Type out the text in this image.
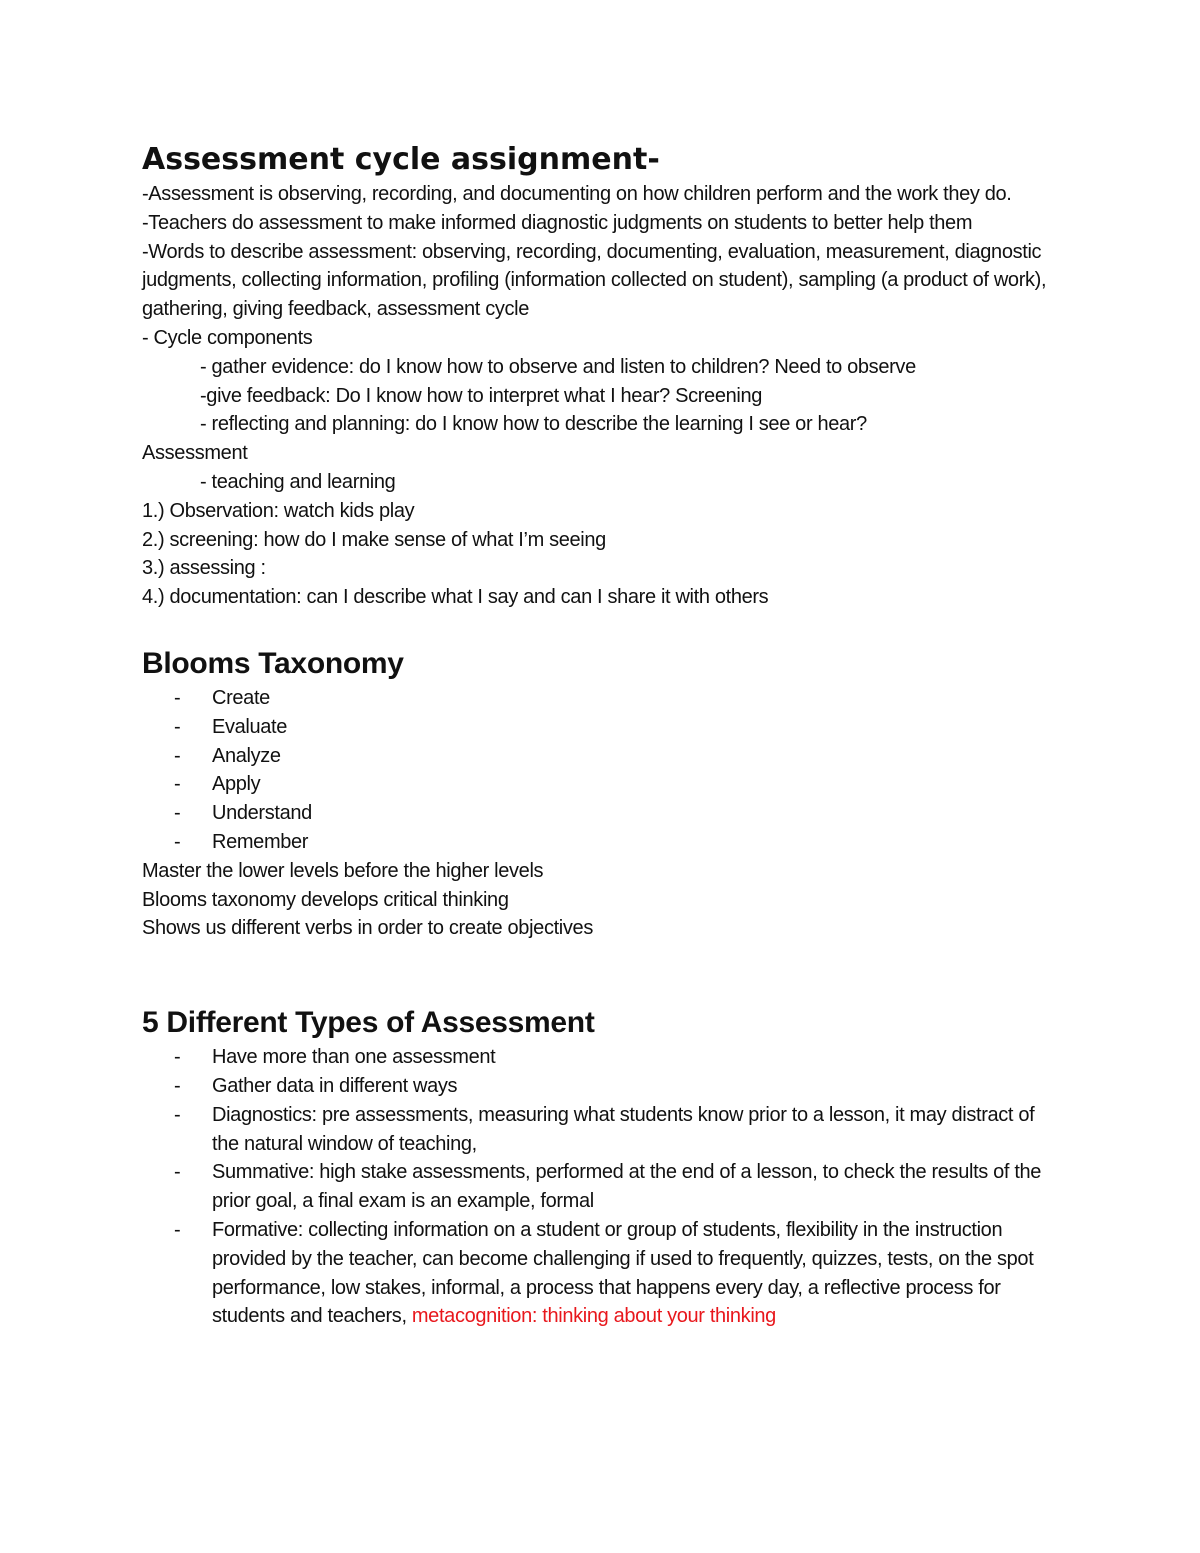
Assessment cycle assignment-

-Assessment is observing, recording, and documenting on how children perform and the work they do.

-Teachers do assessment to make informed diagnostic judgments on students to better help them

-Words to describe assessment: observing, recording, documenting, evaluation, measurement, diagnostic judgments, collecting information, profiling (information collected on student), sampling (a product of work), gathering, giving feedback, assessment cycle

- Cycle components

- gather evidence: do I know how to observe and listen to children? Need to observe

-give feedback: Do I know how to interpret what I hear? Screening

- reflecting and planning: do I know how to describe the learning I see or hear?

Assessment

- teaching and learning

1.) Observation: watch kids play

2.) screening: how do I make sense of what I’m seeing

3.) assessing :

4.) documentation: can I describe what I say and can I share it with others

Blooms Taxonomy
- Create
- Evaluate
- Analyze
- Apply
- Understand
- Remember

Master the lower levels before the higher levels

Blooms taxonomy develops critical thinking

Shows us different verbs in order to create objectives

5 Different Types of Assessment
- Have more than one assessment
- Gather data in different ways
- Diagnostics: pre assessments, measuring what students know prior to a lesson, it may distract of the natural window of teaching,
- Summative: high stake assessments, performed at the end of a lesson, to check the results of the prior goal, a final exam is an example, formal
- Formative: collecting information on a student or group of students, flexibility in the instruction provided by the teacher, can become challenging if used to frequently, quizzes, tests, on the spot performance, low stakes, informal, a process that happens every day, a reflective process for students and teachers, metacognition: thinking about your thinking
